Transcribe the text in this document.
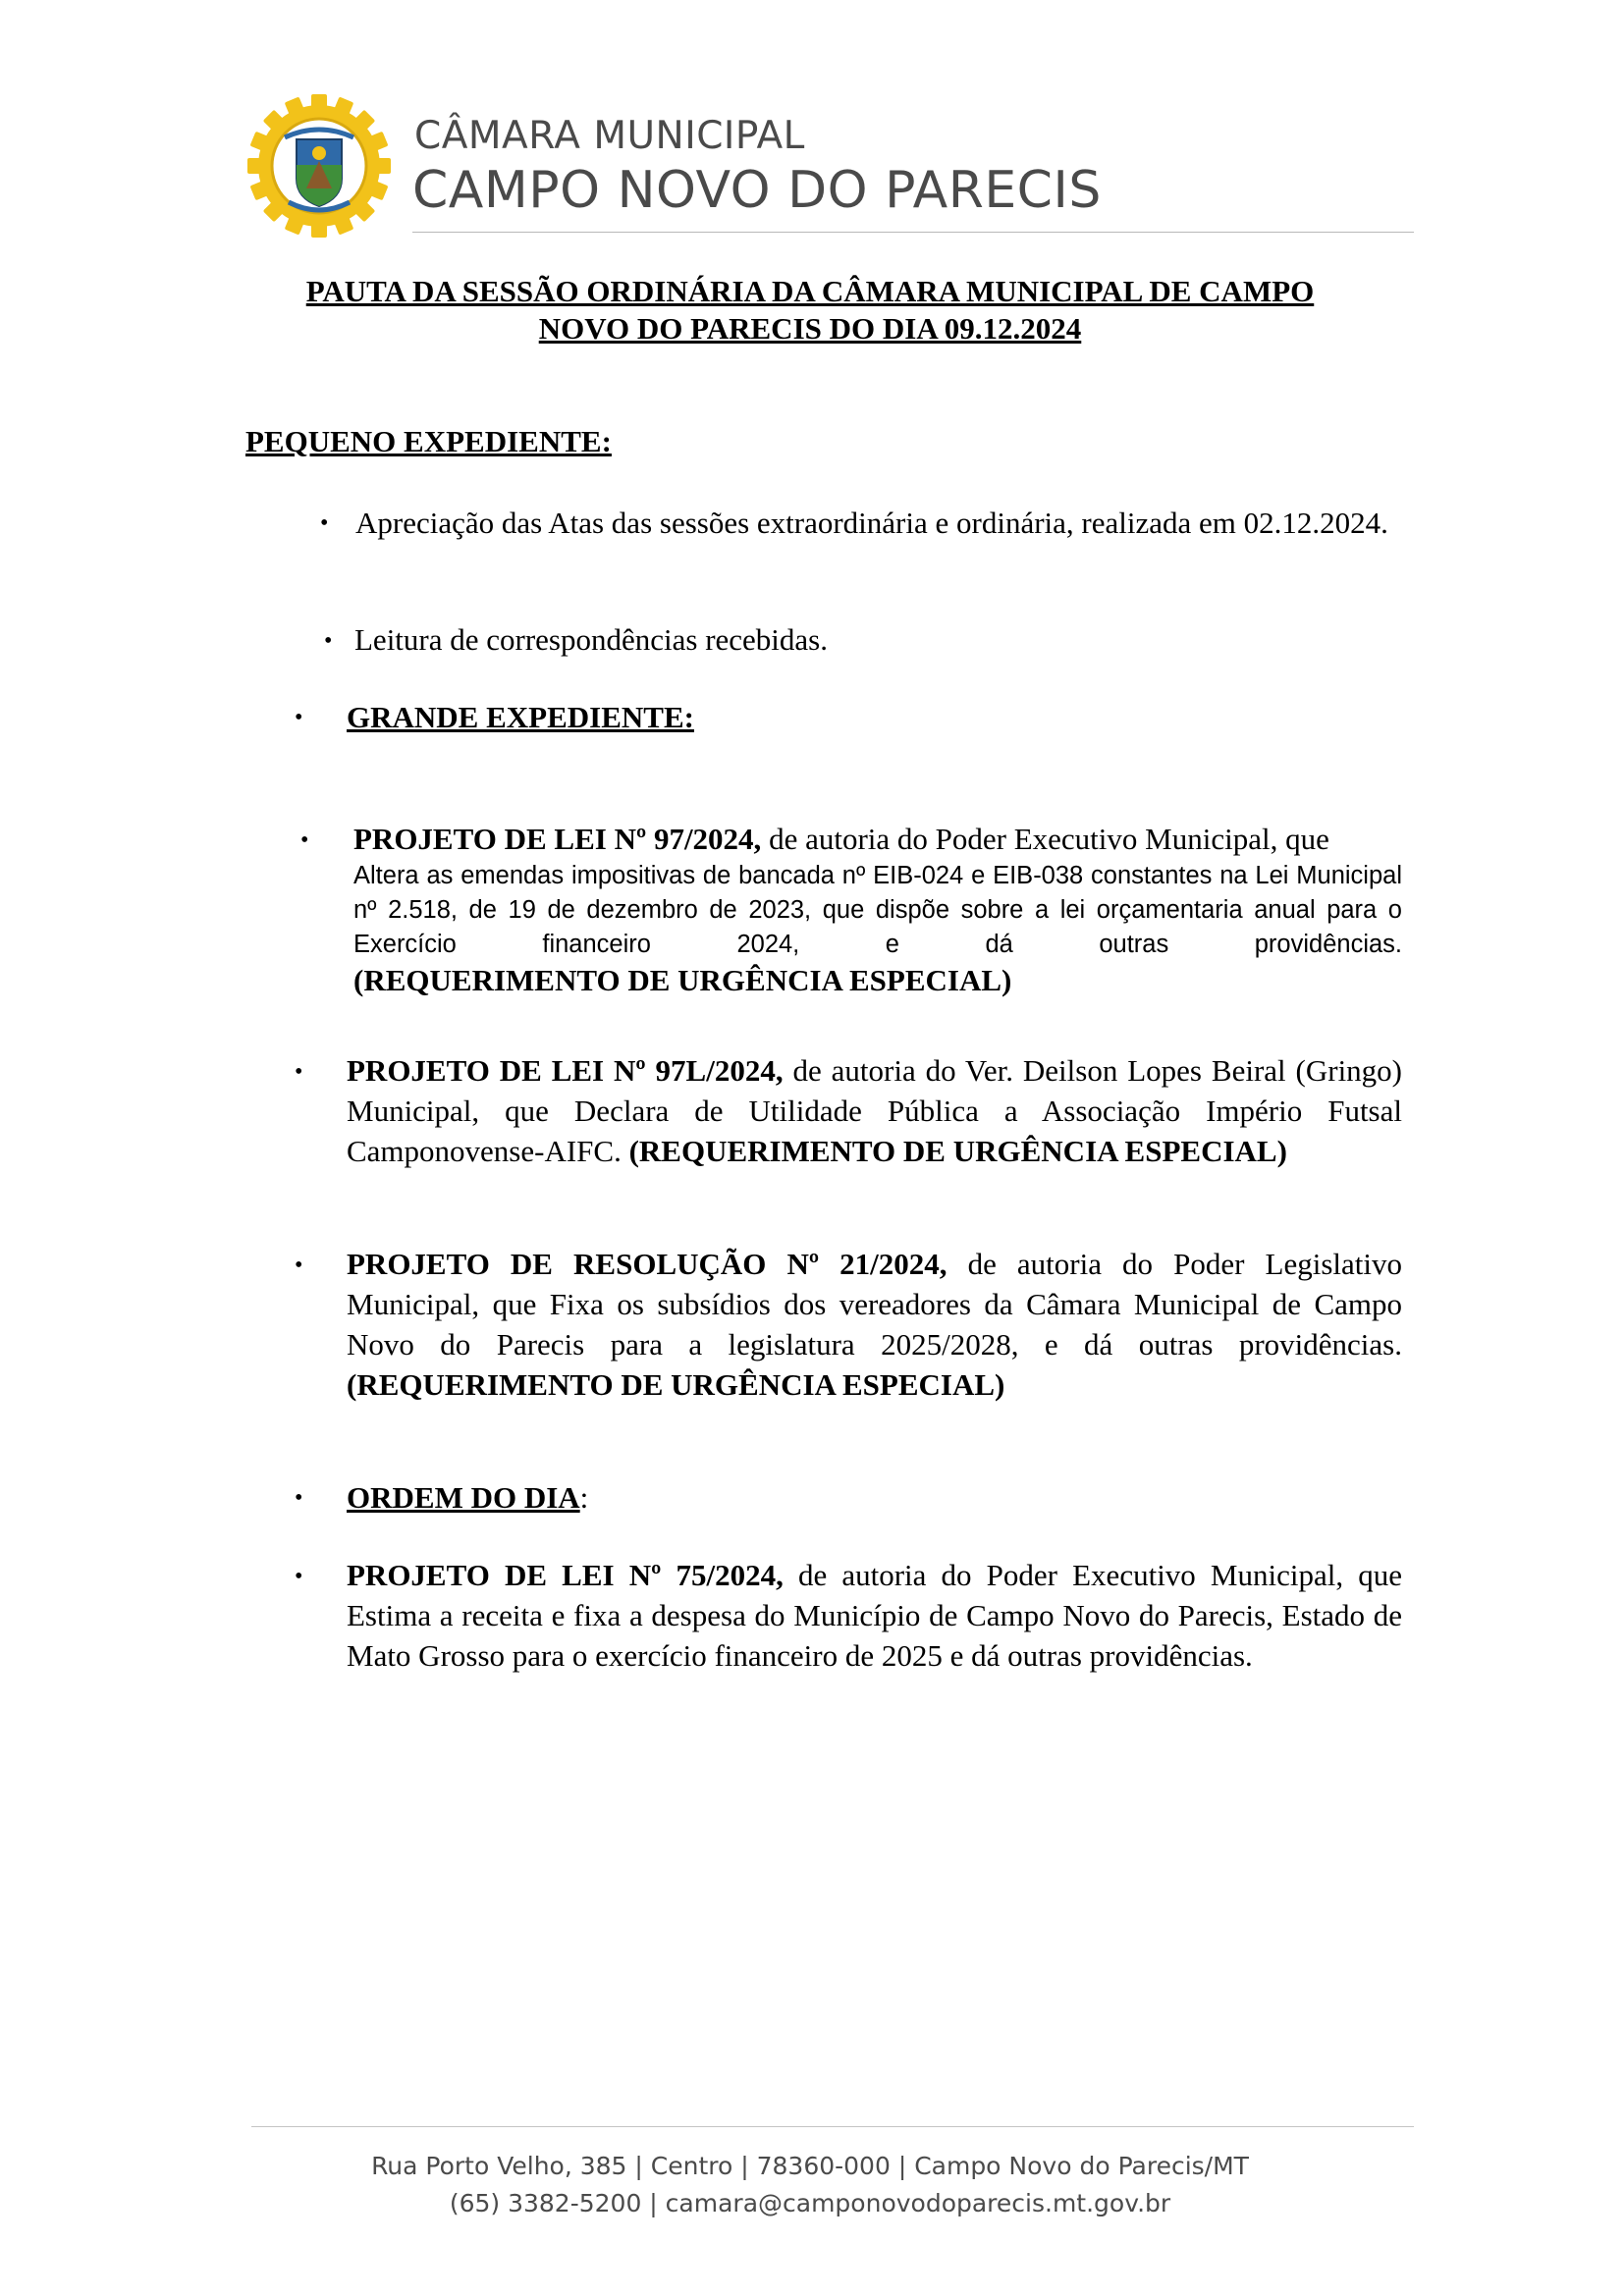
CÂMARA MUNICIPAL
CAMPO NOVO DO PARECIS
PAUTA DA SESSÃO ORDINÁRIA DA CÂMARA MUNICIPAL DE CAMPO
NOVO DO PARECIS DO DIA 09.12.2024
PEQUENO EXPEDIENTE:
• Apreciação das Atas das sessões extraordinária e ordinária, realizada em 02.12.2024.
• Leitura de correspondências recebidas.
• GRANDE EXPEDIENTE:
• PROJETO DE LEI Nº 97/2024, de autoria do Poder Executivo Municipal, que
Altera as emendas impositivas de bancada nº EIB-024 e EIB-038 constantes na Lei Municipal nº 2.518, de 19 de dezembro de 2023, que dispõe sobre a lei orçamentaria anual para o Exercício financeiro 2024, e dá outras providências.
(REQUERIMENTO DE URGÊNCIA ESPECIAL)
• PROJETO DE LEI Nº 97L/2024, de autoria do Ver. Deilson Lopes Beiral (Gringo) Municipal, que Declara de Utilidade Pública a Associação Império Futsal Camponovense-AIFC. (REQUERIMENTO DE URGÊNCIA ESPECIAL)
• PROJETO DE RESOLUÇÃO Nº 21/2024, de autoria do Poder Legislativo Municipal, que Fixa os subsídios dos vereadores da Câmara Municipal de Campo Novo do Parecis para a legislatura 2025/2028, e dá outras providências. (REQUERIMENTO DE URGÊNCIA ESPECIAL)
• ORDEM DO DIA:
• PROJETO DE LEI Nº 75/2024, de autoria do Poder Executivo Municipal, que Estima a receita e fixa a despesa do Município de Campo Novo do Parecis, Estado de Mato Grosso para o exercício financeiro de 2025 e dá outras providências.
Rua Porto Velho, 385 | Centro | 78360-000 | Campo Novo do Parecis/MT
(65) 3382-5200 | camara@camponovodoparecis.mt.gov.br
